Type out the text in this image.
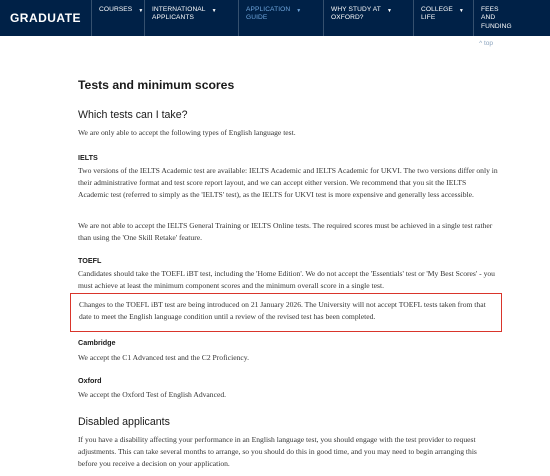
GRADUATE
COURSES ▼ INTERNATIONAL
APPLICANTS
▼	APPLICATION
GUIDE
▼	WHY STUDY AT
OXFORD?
▼	COLLEGE
LIFE
▼	FEES AND
FUNDING
^ top
Tests and minimum scores
Which tests can I take?

We are only able to accept the following types of English language test.

IELTS

Two versions of the IELTS Academic test are available: IELTS Academic and IELTS Academic for UKVI. The two versions differ only in their administrative format and test score report layout, and we can accept either version. We recommend that you sit the IELTS Academic test (referred to simply as the 'IELTS' test), as the IELTS for UKVI test is more expensive and generally less accessible.

We are not able to accept the IELTS General Training or IELTS Online tests. The required scores must be achieved in a single test rather than using the 'One Skill Retake' feature.

TOEFL

Candidates should take the TOEFL iBT test, including the 'Home Edition'. We do not accept the 'Essentials' test or 'My Best Scores' - you must achieve at least the minimum component scores and the minimum overall score in a single test.

Changes to the TOEFL iBT test are being introduced on 21 January 2026. The University will not accept TOEFL tests taken from that date to meet the English language condition until a review of the revised test has been completed.

Cambridge

We accept the C1 Advanced test and the C2 Proficiency.

Oxford

We accept the Oxford Test of English Advanced.

Disabled applicants

If you have a disability affecting your performance in an English language test, you should engage with the test provider to request adjustments. This can take several months to arrange, so you should do this in good time, and you may need to begin arranging this before you receive a decision on your application.
